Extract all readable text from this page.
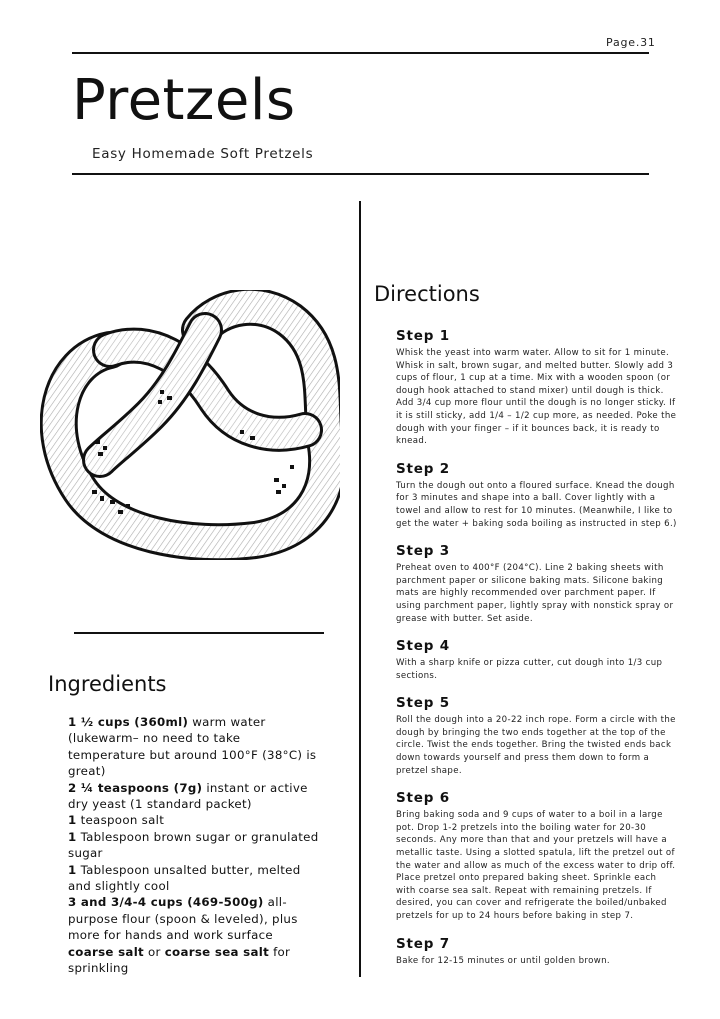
Page.31
Pretzels

Easy Homemade Soft Pretzels

Ingredients
1 ½ cups (360ml) warm water (lukewarm– no need to take temperature but around 100°F (38°C) is great)
2 ¼ teaspoons (7g) instant or active dry yeast (1 standard packet)
1 teaspoon salt
1 Tablespoon brown sugar or granulated sugar
1 Tablespoon unsalted butter, melted and slightly cool
3 and 3/4-4 cups (469-500g) all-purpose flour (spoon & leveled), plus more for hands and work surface
coarse salt or coarse sea salt for sprinkling
Directions
Step 1

Whisk the yeast into warm water. Allow to sit for 1 minute. Whisk in salt, brown sugar, and melted butter. Slowly add 3 cups of flour, 1 cup at a time. Mix with a wooden spoon (or dough hook attached to stand mixer) until dough is thick. Add 3/4 cup more flour until the dough is no longer sticky. If it is still sticky, add 1/4 – 1/2 cup more, as needed. Poke the dough with your finger – if it bounces back, it is ready to knead.

Step 2

Turn the dough out onto a floured surface. Knead the dough for 3 minutes and shape into a ball. Cover lightly with a towel and allow to rest for 10 minutes. (Meanwhile, I like to get the water + baking soda boiling as instructed in step 6.)

Step 3

Preheat oven to 400°F (204°C). Line 2 baking sheets with parchment paper or silicone baking mats. Silicone baking mats are highly recommended over parchment paper. If using parchment paper, lightly spray with nonstick spray or grease with butter. Set aside.

Step 4

With a sharp knife or pizza cutter, cut dough into 1/3 cup sections.

Step 5

Roll the dough into a 20-22 inch rope. Form a circle with the dough by bringing the two ends together at the top of the circle. Twist the ends together. Bring the twisted ends back down towards yourself and press them down to form a pretzel shape.

Step 6

Bring baking soda and 9 cups of water to a boil in a large pot. Drop 1-2 pretzels into the boiling water for 20-30 seconds. Any more than that and your pretzels will have a metallic taste. Using a slotted spatula, lift the pretzel out of the water and allow as much of the excess water to drip off. Place pretzel onto prepared baking sheet. Sprinkle each with coarse sea salt. Repeat with remaining pretzels. If desired, you can cover and refrigerate the boiled/unbaked pretzels for up to 24 hours before baking in step 7.

Step 7

Bake for 12-15 minutes or until golden brown.
